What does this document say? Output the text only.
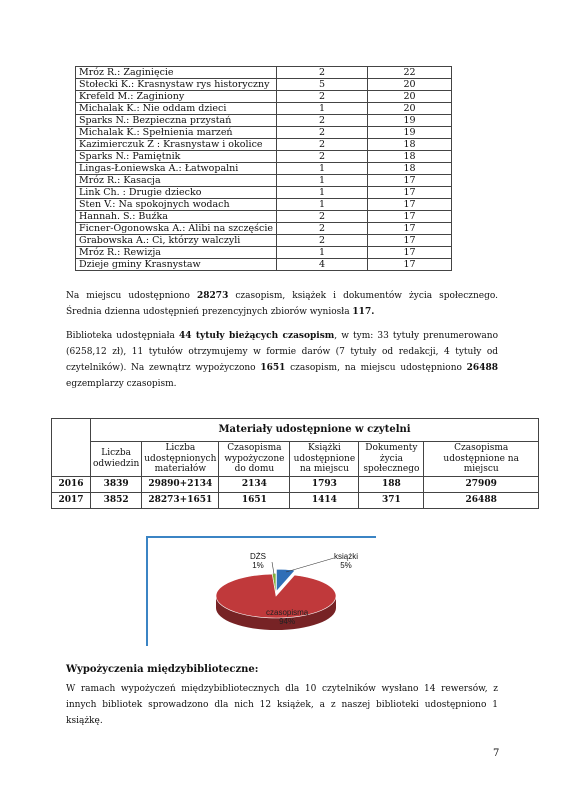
Mróz R.: Zaginięcie	2	22
Stołecki K.: Krasnystaw rys historyczny	5	20
Krefeld M.: Zaginiony	2	20
Michalak K.: Nie oddam dzieci	1	20
Sparks N.: Bezpieczna przystań	2	19
Michalak K.: Spełnienia marzeń	2	19
Kazimierczuk Z : Krasnystaw i okolice	2	18
Sparks N.: Pamiętnik	2	18
Lingas-Łoniewska A.: Łatwopalni	1	18
Mróz R.: Kasacja	1	17
Link Ch. : Drugie dziecko	1	17
Sten V.: Na spokojnych wodach	1	17
Hannah. S.: Buźka	2	17
Ficner-Ogonowska A.: Alibi na szczęście	2	17
Grabowska A.: Ci, którzy walczyli	2	17
Mróz R.: Rewizja	1	17
Dzieje gminy Krasnystaw	4	17
Na miejscu udostępniono 28273 czasopism, książek i dokumentów życia społecznego. Średnia dzienna udostępnień prezencyjnych zbiorów wyniosła 117.
Biblioteka udostępniała 44 tytuły bieżących czasopism, w tym: 33 tytuły prenumerowano (6258,12 zł), 11 tytułów otrzymujemy w formie darów (7 tytuły od redakcji, 4 tytuły od czytelników). Na zewnątrz wypożyczono 1651 czasopism, na miejscu udostępniono 26488 egzemplarzy czasopism.
	Materiały udostępnione w czytelni					
	Liczba odwiedzin	Liczba udostępnionych materiałów	Czasopisma wypożyczone do domu	Książki udostępnione na miejscu	Dokumenty życia społecznego	Czasopisma udostępnione na miejscu
2016	3839	29890+2134	2134	1793	188	27909
2017	3852	28273+1651	1651	1414	371	26488
DŻS
1%
książki
5%
czasopisma
94%
Wypożyczenia międzybiblioteczne:
W ramach wypożyczeń międzybibliotecznych dla 10 czytelników wysłano 14 rewersów, z innych bibliotek sprowadzono dla nich 12 książek, a z naszej biblioteki udostępniono 1 książkę.
7
